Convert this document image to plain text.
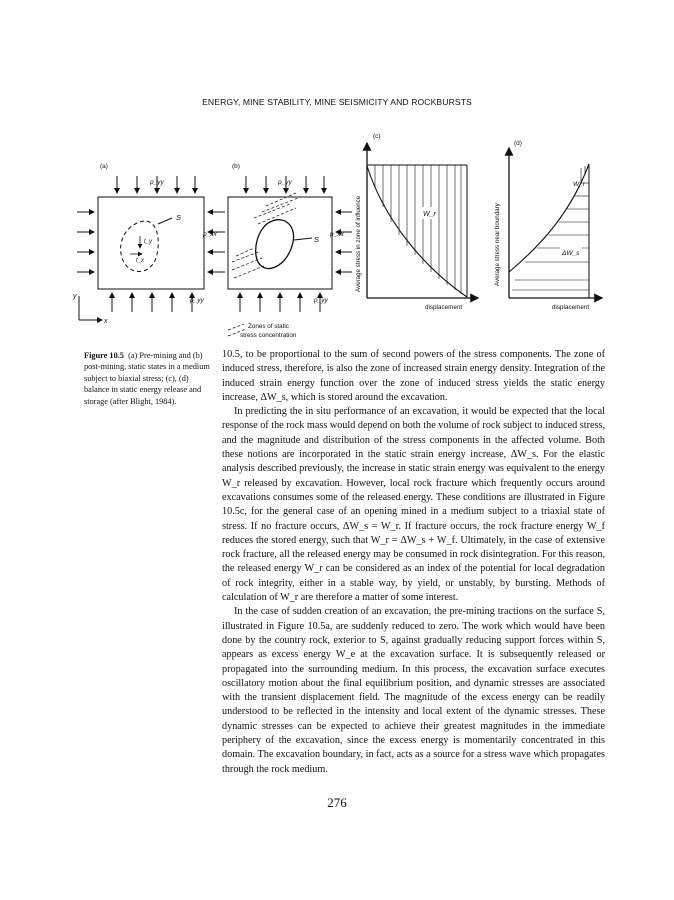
ENERGY, MINE STABILITY, MINE SEISMICITY AND ROCKBURSTS
(a)
p_yy
p_xx
p_yy
S
t_y
t_x
y
x
(b)
p_yy
p_xx
p_yy
S
Zones of static
stress concentration
(c)
W_r
displacement
Average stress in zone of influence
(d)
ΔW_s
W_r
displacement
Average stress near boundary
Figure 10.5 (a) Pre-mining and (b) post-mining, static states in a medium subject to biaxial stress; (c), (d) balance in static energy release and storage (after Blight, 1984).

10.5, to be proportional to the sum of second powers of the stress components. The zone of induced stress, therefore, is also the zone of increased strain energy density. Integration of the induced strain energy function over the zone of induced stress yields the static energy increase, ΔW_s, which is stored around the excavation.

In predicting the in situ performance of an excavation, it would be expected that the local response of the rock mass would depend on both the volume of rock subject to induced stress, and the magnitude and distribution of the stress components in the affected volume. Both these notions are incorporated in the static strain energy increase, ΔW_s. For the elastic analysis described previously, the increase in static strain energy was equivalent to the energy W_r released by excavation. However, local rock fracture which frequently occurs around excavations consumes some of the released energy. These conditions are illustrated in Figure 10.5c, for the general case of an opening mined in a medium subject to a triaxial state of stress. If no fracture occurs, ΔW_s = W_r. If fracture occurs, the rock fracture energy W_f reduces the stored energy, such that W_r = ΔW_s + W_f. Ultimately, in the case of extensive rock fracture, all the released energy may be consumed in rock disintegration. For this reason, the released energy W_r can be considered as an index of the potential for local degradation of rock integrity, either in a stable way, by yield, or unstably, by bursting. Methods of calculation of W_r are therefore a matter of some interest.

In the case of sudden creation of an excavation, the pre-mining tractions on the surface S, illustrated in Figure 10.5a, are suddenly reduced to zero. The work which would have been done by the country rock, exterior to S, against gradually reducing support forces within S, appears as excess energy W_e at the excavation surface. It is subsequently released or propagated into the surrounding medium. In this process, the excavation surface executes oscillatory motion about the final equilibrium position, and dynamic stresses are associated with the transient displacement field. The magnitude of the excess energy can be readily understood to be reflected in the intensity and local extent of the dynamic stresses. These dynamic stresses can be expected to achieve their greatest magnitudes in the immediate periphery of the excavation, since the excess energy is momentarily concentrated in this domain. The excavation boundary, in fact, acts as a source for a stress wave which propagates through the rock medium.

276
